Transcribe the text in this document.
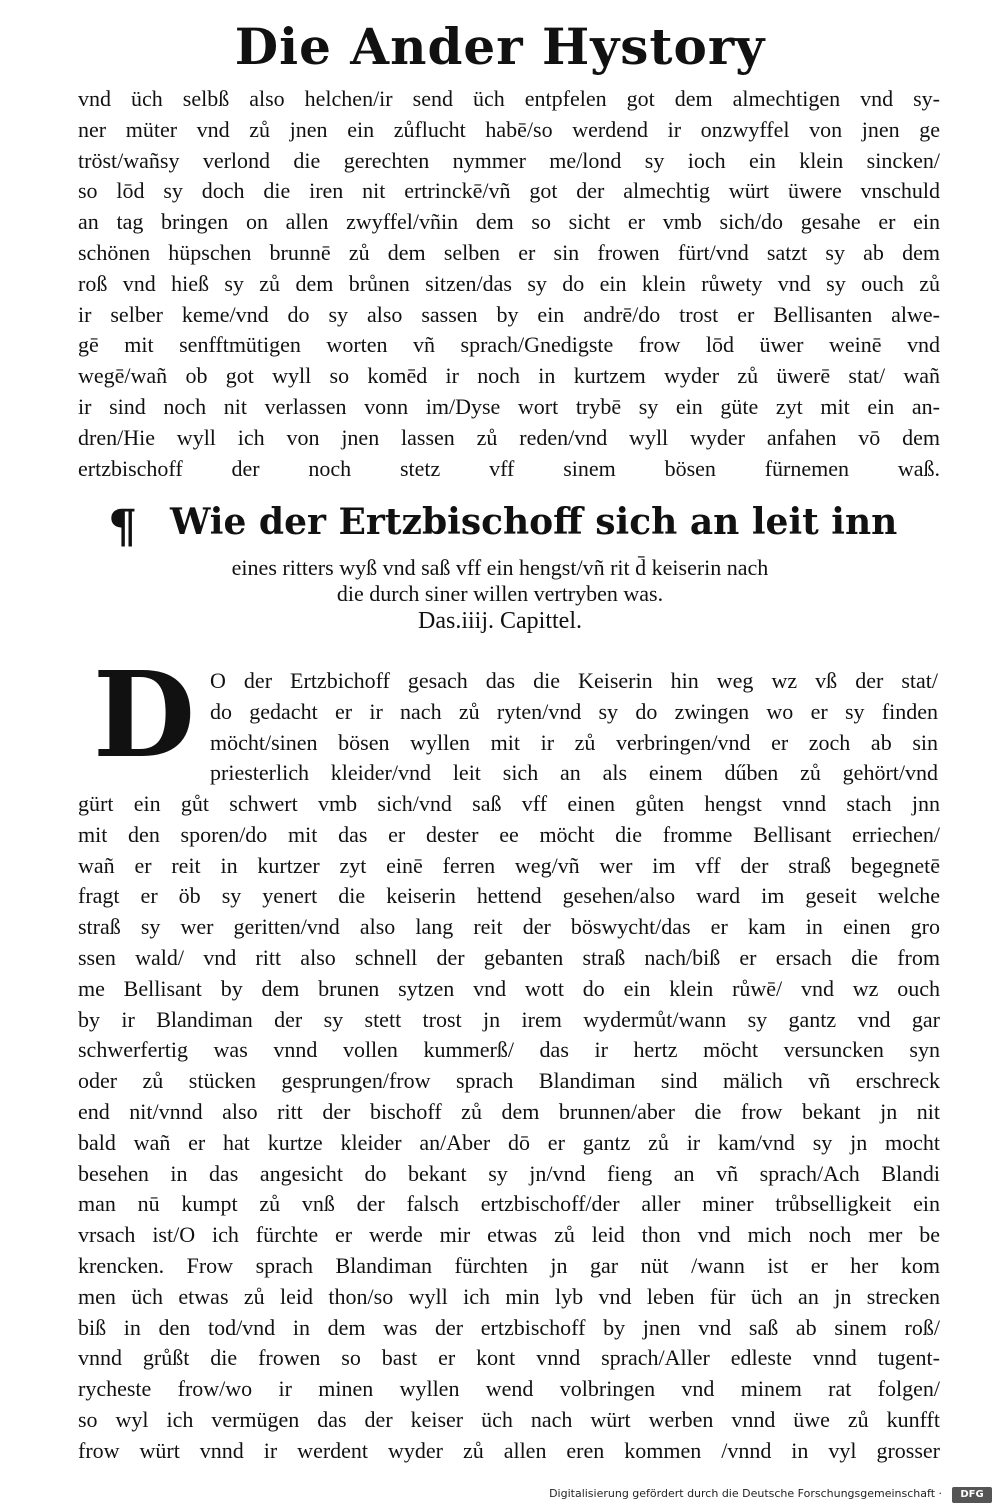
Die Ander Hystory
vnd üch selbß also helchen/ir send üch entpfelen got dem almechtigen vnd sy-
ner müter vnd zů jnen ein zůflucht habē/so werdend ir onzwyffel von jnen ge
tröst/wañsy verlond die gerechten nymmer me/lond sy ioch ein klein sincken/
so lōd sy doch die iren nit ertrinckē/vñ got der almechtig würt üwere vnschuld
an tag bringen on allen zwyffel/vñin dem so sicht er vmb sich/do gesahe er ein
schönen hüpschen brunnē zů dem selben er sin frowen fürt/vnd satzt sy ab dem
roß vnd hieß sy zů dem brůnen sitzen/das sy do ein klein růwety vnd sy ouch zů
ir selber keme/vnd do sy also sassen by ein andrē/do trost er Bellisanten alwe-
gē mit senfftmütigen worten vñ sprach/Gnedigste frow lōd üwer weinē vnd
wegē/wañ ob got wyll so komēd ir noch in kurtzem wyder zů üwerē stat/ wañ
ir sind noch nit verlassen vonn im/Dyse wort trybē sy ein güte zyt mit ein an-
dren/Hie wyll ich von jnen lassen zů reden/vnd wyll wyder anfahen vō dem
ertzbischoff der noch stetz vff sinem bösen fürnemen waß.
¶ Wie der Ertzbischoff sich an leit inn
eines ritters wyß vnd saß vff ein hengst/vñ rit d̄ keiserin nach
die durch siner willen vertryben was.
Das.iiij. Capittel.
D O der Ertzbichoff gesach das die Keiserin hin weg wz vß der stat/
do gedacht er ir nach zů ryten/vnd sy do zwingen wo er sy finden
möcht/sinen bösen wyllen mit ir zů verbringen/vnd er zoch ab sin
priesterlich kleider/vnd leit sich an als einem dűben zů gehört/vnd
gürt ein gůt schwert vmb sich/vnd saß vff einen gůten hengst vnnd stach jnn
mit den sporen/do mit das er dester ee möcht die fromme Bellisant erriechen/
wañ er reit in kurtzer zyt einē ferren weg/vñ wer im vff der straß begegnetē
fragt er öb sy yenert die keiserin hettend gesehen/also ward im geseit welche
straß sy wer geritten/vnd also lang reit der böswycht/das er kam in einen gro
ssen wald/ vnd ritt also schnell der gebanten straß nach/biß er ersach die from
me Bellisant by dem brunen sytzen vnd wott do ein klein růwē/ vnd wz ouch
by ir Blandiman der sy stett trost jn irem wydermůt/wann sy gantz vnd gar
schwerfertig was vnnd vollen kummerß/ das ir hertz möcht versuncken syn
oder zů stücken gesprungen/frow sprach Blandiman sind mälich vñ erschreck
end nit/vnnd also ritt der bischoff zů dem brunnen/aber die frow bekant jn nit
bald wañ er hat kurtze kleider an/Aber dō er gantz zů ir kam/vnd sy jn mocht
besehen in das angesicht do bekant sy jn/vnd fieng an vñ sprach/Ach Blandi
man nū kumpt zů vnß der falsch ertzbischoff/der aller miner trůbselligkeit ein
vrsach ist/O ich fürchte er werde mir etwas zů leid thon vnd mich noch mer be
krencken. Frow sprach Blandiman fürchten jn gar nüt /wann ist er her kom
men üch etwas zů leid thon/so wyll ich min lyb vnd leben für üch an jn strecken
biß in den tod/vnd in dem was der ertzbischoff by jnen vnd saß ab sinem roß/
vnnd grůßt die frowen so bast er kont vnnd sprach/Aller edleste vnnd tugent-
rycheste frow/wo ir minen wyllen wend volbringen vnd minem rat folgen/
so wyl ich vermügen das der keiser üch nach würt werben vnnd üwe zů kunfft
frow würt vnnd ir werdent wyder zů allen eren kommen /vnnd in vyl grosser
Digitalisierung gefördert durch die Deutsche Forschungsgemeinschaft ·	DFG
